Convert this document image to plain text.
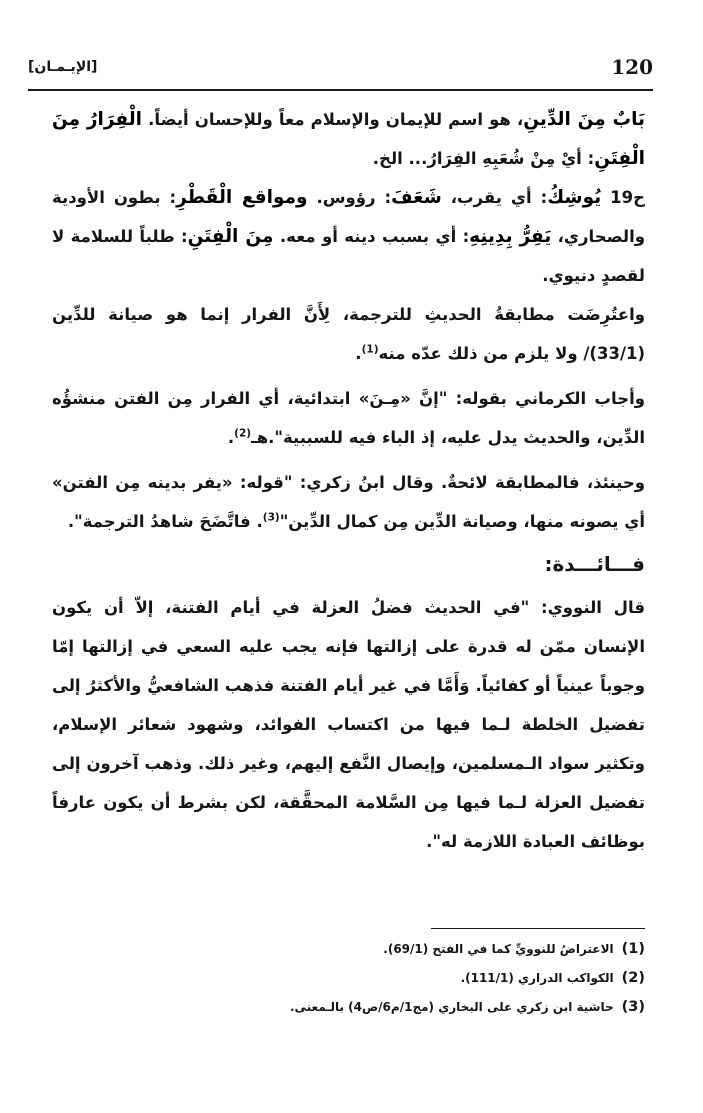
120
[الإيـمـان]

بَابٌ مِنَ الدِّينِ، هو اسم للإيمان والإسلام معاً وللإحسان أيضاً. الْفِرَارُ مِنَ الْفِتَنِ: أيْ مِنْ شُعَبِهِ الفِرَارُ... الخ.

ح19 يُوشِكُ: أي يقرب، شَعَفَ: رؤوس. ومواقع الْقَطْرِ: بطون الأودية والصحاري، يَفِرُّ بِدِينِهِ: أي بسبب دينه أو معه. مِنَ الْفِتَنِ: طلباً للسلامة لا لقصدٍ دنيوي.

واعتُرِضَت مطابقةُ الحديثِ للترجمة، لِأَنَّ الفرار إنما هو صيانة للدِّين (33/1)/ ولا يلزم من ذلك عدّه منه$^{(1)}$.

وأجاب الكرماني بقوله: "إنَّ «مِـنَ» ابتدائية، أي الفرار مِن الفتن منشؤُه الدِّين، والحديث يدل عليه، إذ الباء فيه للسببية".هـ$^{(2)}$.

وحينئذ، فالمطابقة لائحةٌ. وقال ابنُ زكري: "قوله: «يفر بدينه مِن الفتن» أي يصونه منها، وصيانة الدِّين مِن كمال الدِّين"$^{(3)}$. فاتَّضَحَ شاهدُ الترجمة".

فـــائـــدة:

قال النووي: "في الحديث فضلُ العزلة في أيام الفتنة، إلاّ أن يكون الإنسان ممّن له قدرة على إزالتها فإنه يجب عليه السعي في إزالتها إمّا وجوباً عينياً أو كفائياً. وَأَمَّا في غير أيام الفتنة فذهب الشافعيُّ والأكثرُ إلى تفضيل الخلطة لـما فيها من اكتساب الفوائد، وشهود شعائر الإسلام، وتكثير سواد الـمسلمين، وإيصال النَّفع إليهم، وغير ذلك. وذهب آخرون إلى تفضيل العزلة لـما فيها مِن السَّلامة المحقَّقة، لكن بشرط أن يكون عارفاً بوظائف العبادة اللازمة له".

(1)الاعتراضُ للنوويِّ كما في الفتح (69/1).
(2)الكواكب الدراري (111/1).
(3)حاشية ابن زكري على البخاري (مج1/م6/ص4) بالـمعنى.
